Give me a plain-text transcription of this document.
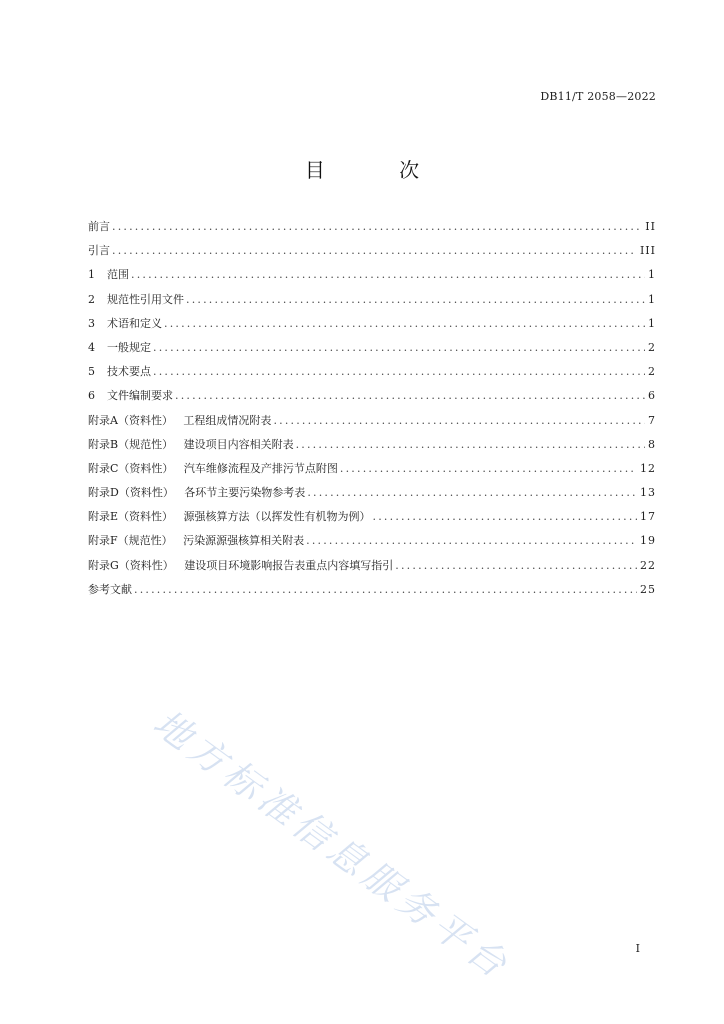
DB11/T 2058—2022
目 次
前言 .....	II
引言 .....	III
1	范围 .....	1
2	规范性引用文件 .....	1
3	术语和定义 .....	1
4	一般规定 .....	2
5	技术要点 .....	2
6	文件编制要求 .....	6
附录A（资料性）   工程组成情况附表 .....	7
附录B（规范性）   建设项目内容相关附表 .....	8
附录C（资料性）   汽车维修流程及产排污节点附图 .....	12
附录D（资料性）   各环节主要污染物参考表 .....	13
附录E（资料性）   源强核算方法（以挥发性有机物为例） .....	17
附录F（规范性）   污染源源强核算相关附表 .....	19
附录G（资料性）   建设项目环境影响报告表重点内容填写指引 .....	22
参考文献 .....	25
地方标准信息服务平台	I
